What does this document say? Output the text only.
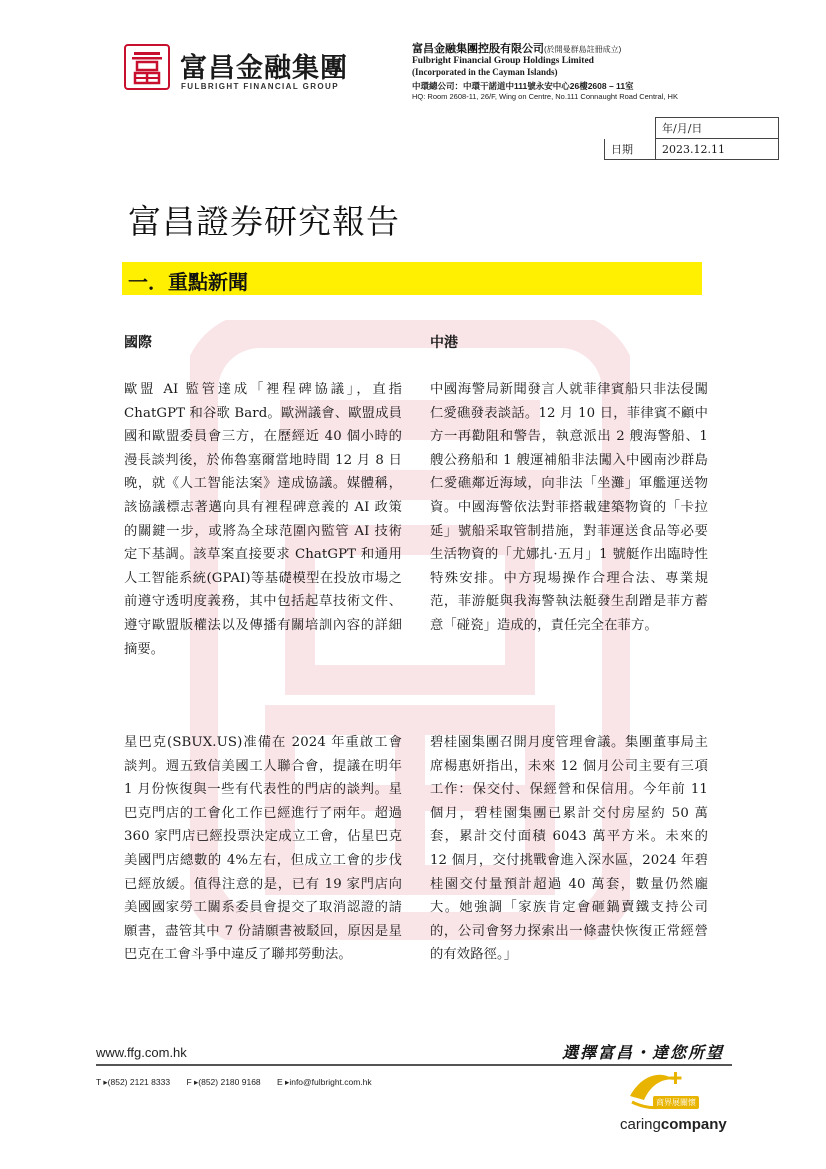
富昌金融集團
FULBRIGHT FINANCIAL GROUP
富昌金融集團控股有限公司(於開曼群島註冊成立)
Fulbright Financial Group Holdings Limited
(Incorporated in the Cayman Islands)
中環總公司：中環干諾道中111號永安中心26樓2608 – 11室
HQ: Room 2608-11, 26/F, Wing on Centre, No.111 Connaught Road Central, HK
	年/月/日
日期	2023.12.11
富昌證券研究報告
一．重點新聞
國際
歐盟 AI 監管達成「裡程碑協議」，直指 ChatGPT 和谷歌 Bard。歐洲議會、歐盟成員國和歐盟委員會三方，在歷經近 40 個小時的漫長談判後，於佈魯塞爾當地時間 12 月 8 日晚，就《人工智能法案》達成協議。媒體稱，該協議標志著邁向具有裡程碑意義的 AI 政策的關鍵一步，或將為全球范圍內監管 AI 技術定下基調。該草案直接要求 ChatGPT 和通用人工智能系統(GPAI)等基礎模型在投放市場之前遵守透明度義務，其中包括起草技術文件、遵守歐盟版權法以及傳播有關培訓內容的詳細摘要。
星巴克(SBUX.US)准備在 2024 年重啟工會談判。週五致信美國工人聯合會，提議在明年 1 月份恢復與一些有代表性的門店的談判。星巴克門店的工會化工作已經進行了兩年。超過 360 家門店已經投票決定成立工會，佔星巴克美國門店總數的 4%左右，但成立工會的步伐已經放緩。值得注意的是，已有 19 家門店向美國國家勞工關系委員會提交了取消認證的請願書，盡管其中 7 份請願書被駁回，原因是星巴克在工會斗爭中違反了聯邦勞動法。
中港
中國海警局新聞發言人就菲律賓船只非法侵闖仁愛礁發表談話。12 月 10 日，菲律賓不顧中方一再勸阻和警告，執意派出 2 艘海警船、1 艘公務船和 1 艘運補船非法闖入中國南沙群島仁愛礁鄰近海域，向非法「坐灘」軍艦運送物資。中國海警依法對菲搭載建築物資的「卡拉延」號船采取管制措施，對菲運送食品等必要生活物資的「尤娜扎·五月」1 號艇作出臨時性特殊安排。中方現場操作合理合法、專業規范，菲游艇與我海警執法艇發生刮蹭是菲方蓄意「碰瓷」造成的，責任完全在菲方。
碧桂園集團召開月度管理會議。集團董事局主席楊惠妍指出，未來 12 個月公司主要有三項工作：保交付、保經營和保信用。今年前 11 個月，碧桂園集團已累計交付房屋約 50 萬套，累計交付面積 6043 萬平方米。未來的 12 個月，交付挑戰會進入深水區，2024 年碧桂園交付量預計超過 40 萬套，數量仍然龐大。她強調「家族肯定會砸鍋賣鐵支持公司的，公司會努力探索出一條盡快恢復正常經營的有效路徑。」
www.ffg.com.hk	選擇富昌・達您所望
T ▸(852) 2121 8333 F ▸(852) 2180 9168 E ▸info@fulbright.com.hk
商界展關懷
caringcompany
